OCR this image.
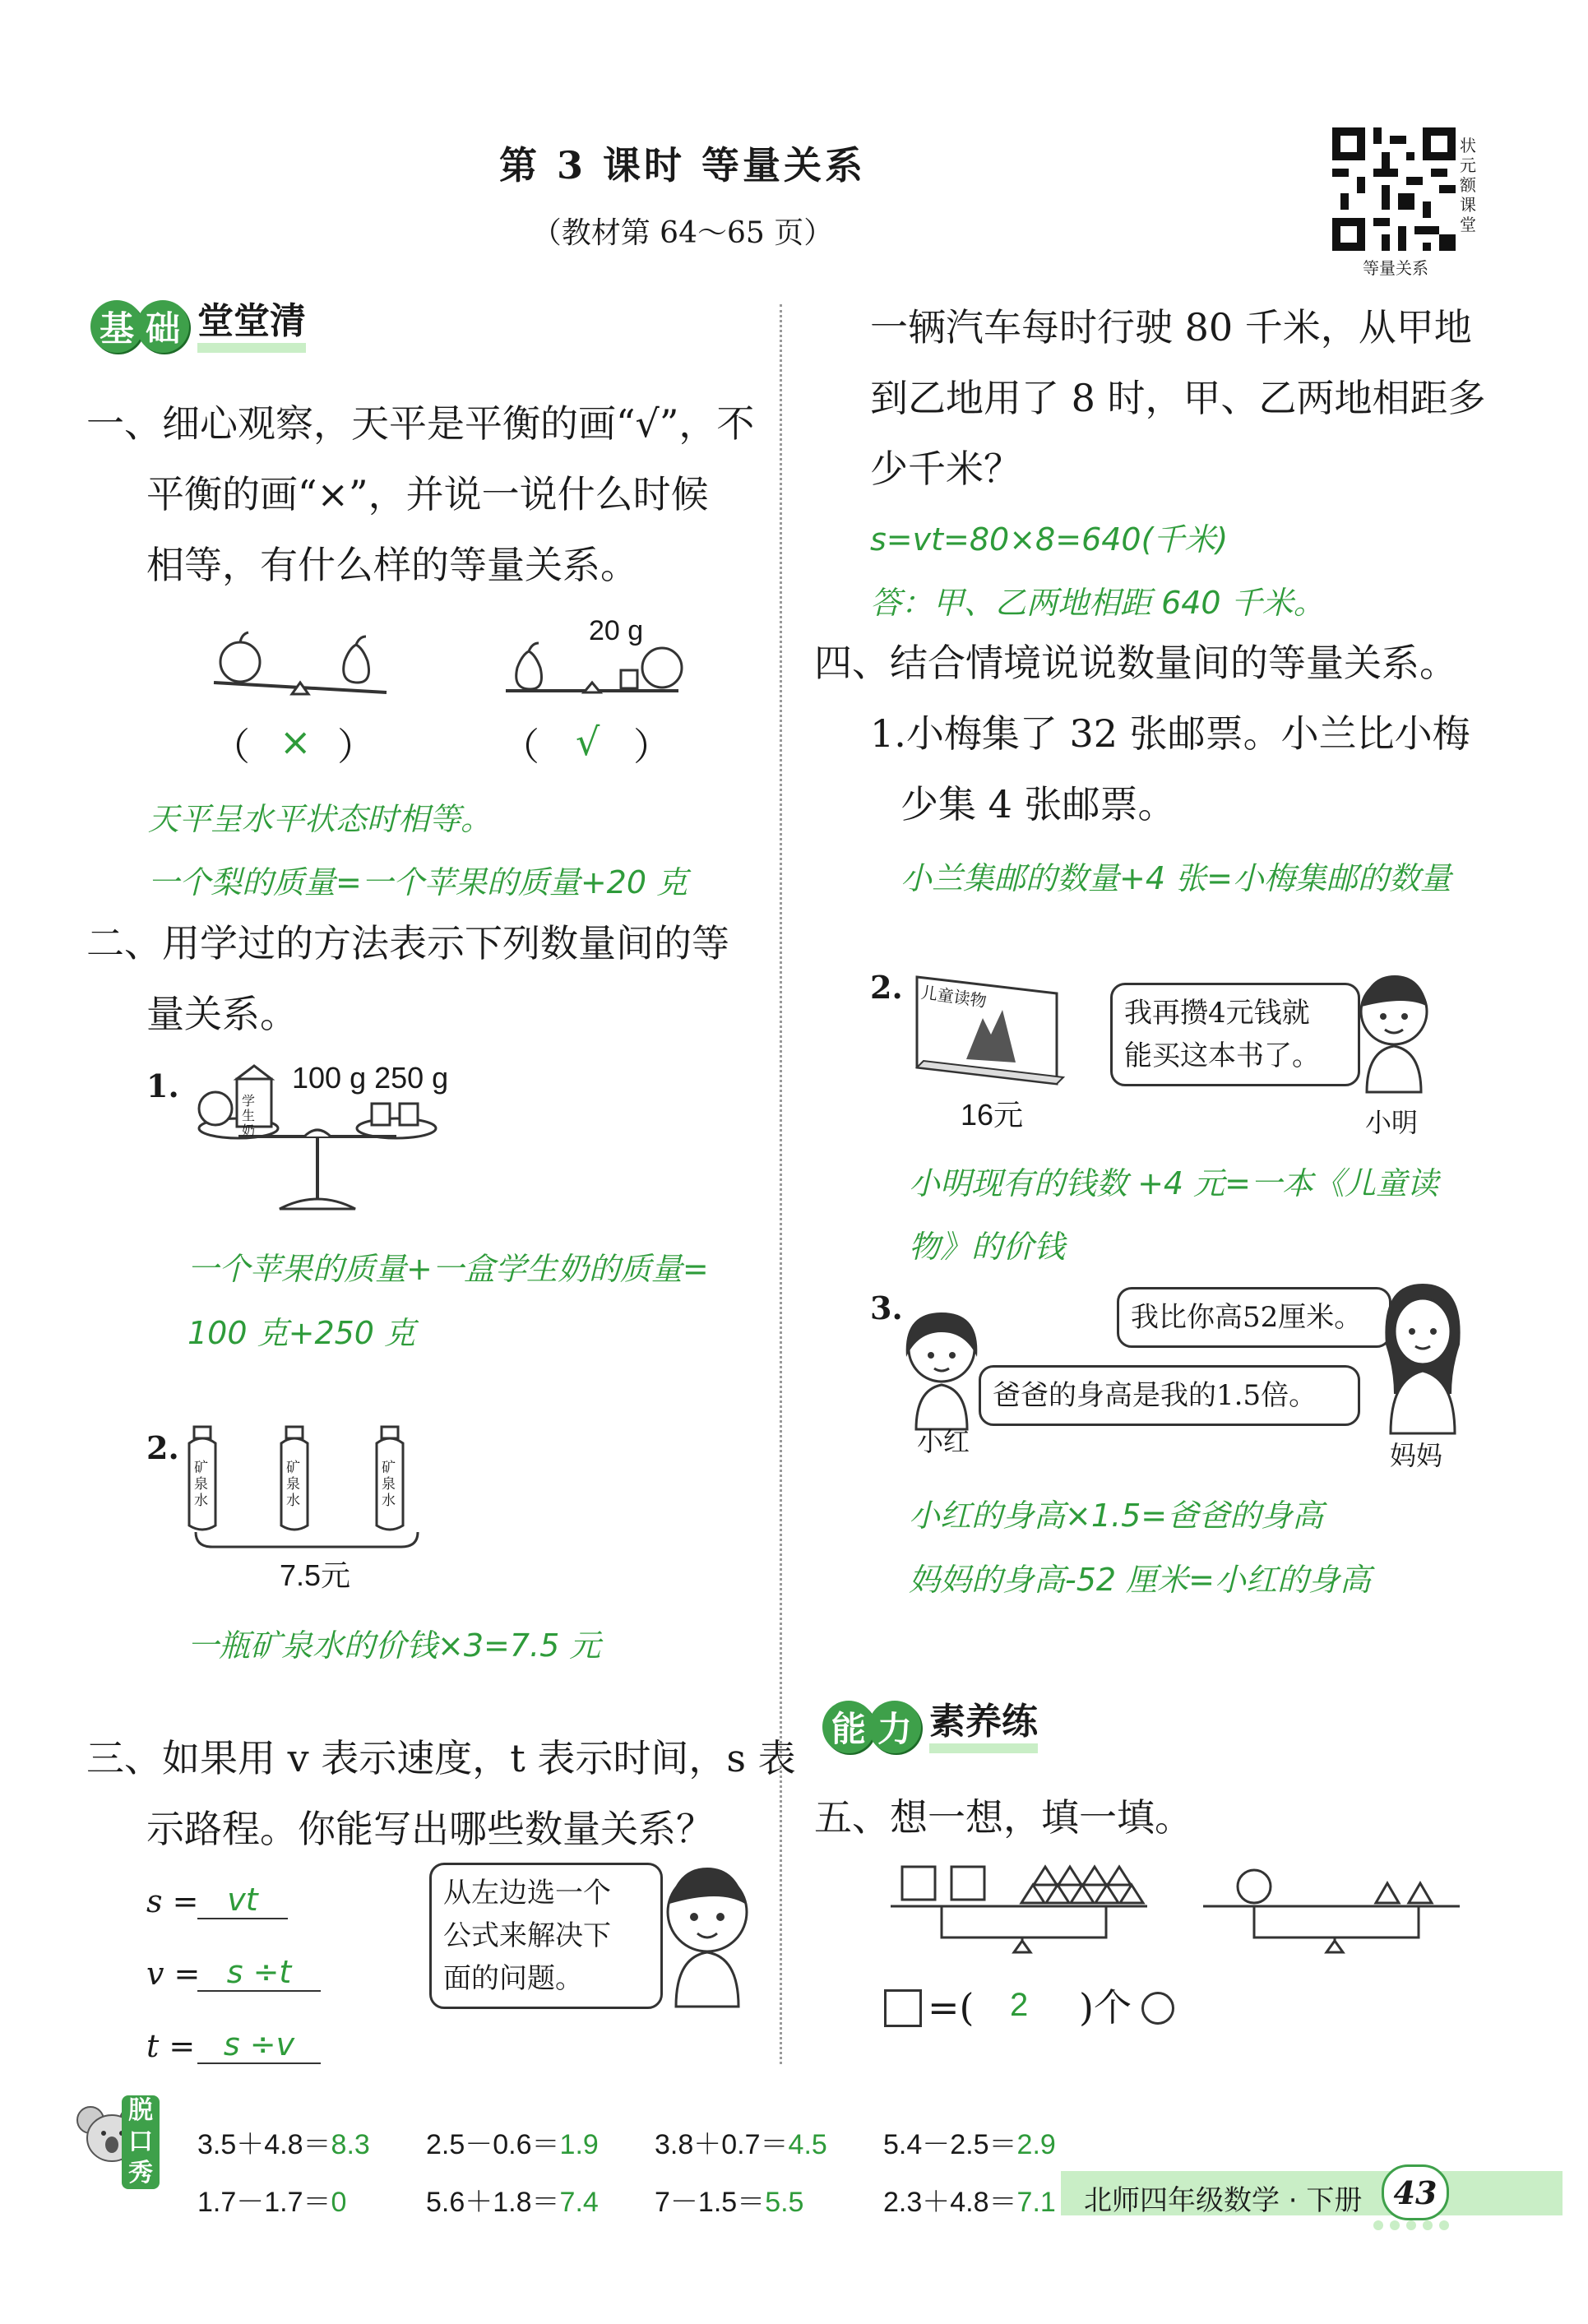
第 3 课时 等量关系
（教材第 64～65 页）
状元额课堂
等量关系
基 础 堂堂清
一、细心观察，天平是平衡的画“√”，不
平衡的画“×”，并说一说什么时候
相等，有什么样的等量关系。
20 g
（ × ）	（ √ ）
天平呈水平状态时相等。
一个梨的质量=一个苹果的质量+20 克
二、用学过的方法表示下列数量间的等
量关系。
1.	100 g 250 g
学生奶
一个苹果的质量+一盒学生奶的质量=
100 克+250 克
2.
矿泉水
矿泉水
矿泉水
7.5元
一瓶矿泉水的价钱×3=7.5 元
三、如果用 v 表示速度，t 表示时间，s 表
示路程。你能写出哪些数量关系？
s = vt
v = s ÷t
t = s ÷v
从左边选一个
公式来解决下
面的问题。
一辆汽车每时行驶 80 千米，从甲地
到乙地用了 8 时，甲、乙两地相距多
少千米？
s=vt=80×8=640(千米)
答：甲、乙两地相距 640 千米。
四、结合情境说说数量间的等量关系。
1.小梅集了 32 张邮票。小兰比小梅
少集 4 张邮票。
小兰集邮的数量+4 张=小梅集邮的数量
2. 儿童读物
16元
我再攒4元钱就
能买这本书了。
小明
小明现有的钱数 +4 元=一本《儿童读
物》的价钱
3.
小红
我比你高52厘米。
爸爸的身高是我的1.5倍。
妈妈
小红的身高×1.5=爸爸的身高
妈妈的身高-52 厘米=小红的身高
能 力 素养练
五、想一想，填一填。
=( 2 )个
脱
口
秀
3.5＋4.8＝8.3	2.5－0.6＝1.9	3.8＋0.7＝4.5	5.4－2.5＝2.9
1.7－1.7＝0	5.6＋1.8＝7.4	7－1.5＝5.5	2.3＋4.8＝7.1	北师四年级数学 · 下册	43
